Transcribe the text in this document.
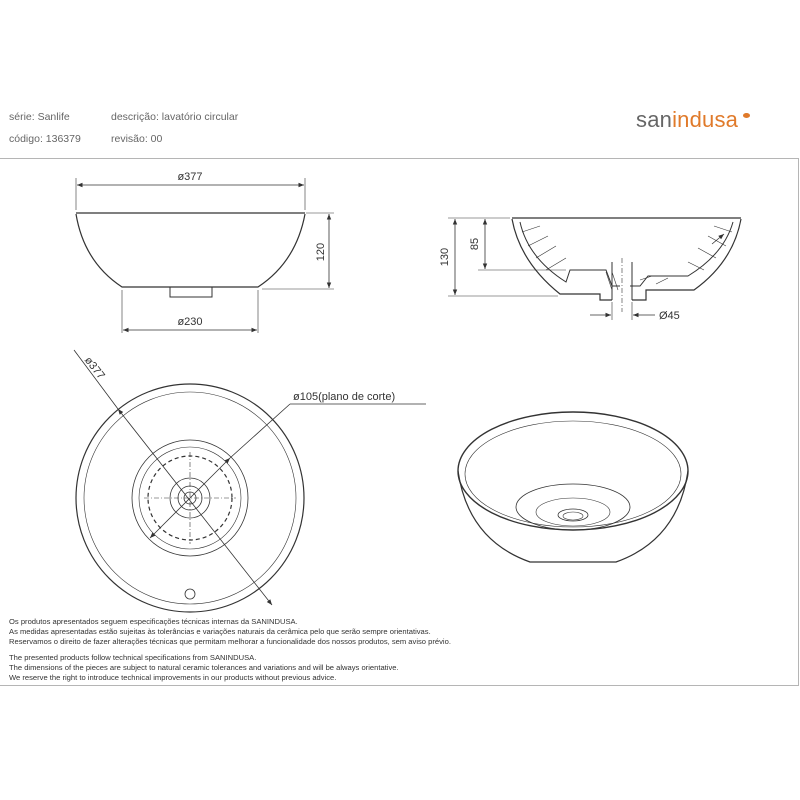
série: Sanlife
código: 136379
descrição: lavatório circular
revisão: 00
sanindusa
ø377
ø230
120	130
85
Ø45
ø377
ø105(plano de corte)

Os produtos apresentados seguem especificações técnicas internas da SANINDUSA.

As medidas apresentadas estão sujeitas às tolerâncias e variações naturais da cerâmica pelo que serão sempre orientativas.

Reservamos o direito de fazer alterações técnicas que permitam melhorar a funcionalidade dos nossos produtos, sem aviso prévio.

The presented products follow technical specifications from SANINDUSA.

The dimensions of the pieces are subject to natural ceramic tolerances and variations and will be always orientative.

We reserve the right to introduce technical improvements in our products without previous advice.
